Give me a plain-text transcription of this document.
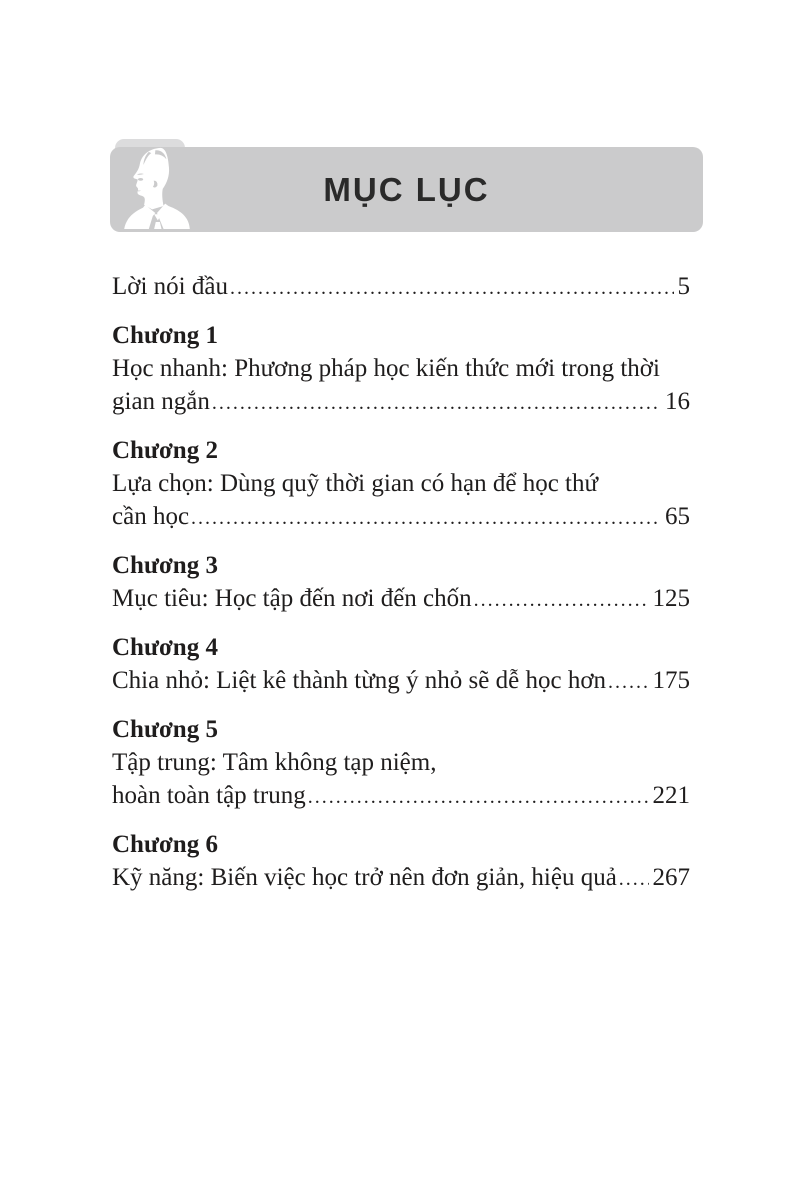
MỤC LỤC
Lời nói đầu .....	5
Chương 1
Học nhanh: Phương pháp học kiến thức mới trong thời
gian ngắn .....	16
Chương 2
Lựa chọn: Dùng quỹ thời gian có hạn để học thứ
cần học .....	65
Chương 3
Mục tiêu: Học tập đến nơi đến chốn .....	125
Chương 4
Chia nhỏ: Liệt kê thành từng ý nhỏ sẽ dễ học hơn ..... 175
Chương 5
Tập trung: Tâm không tạp niệm,
hoàn toàn tập trung .....	221
Chương 6
Kỹ năng: Biến việc học trở nên đơn giản, hiệu quả ..... 267
